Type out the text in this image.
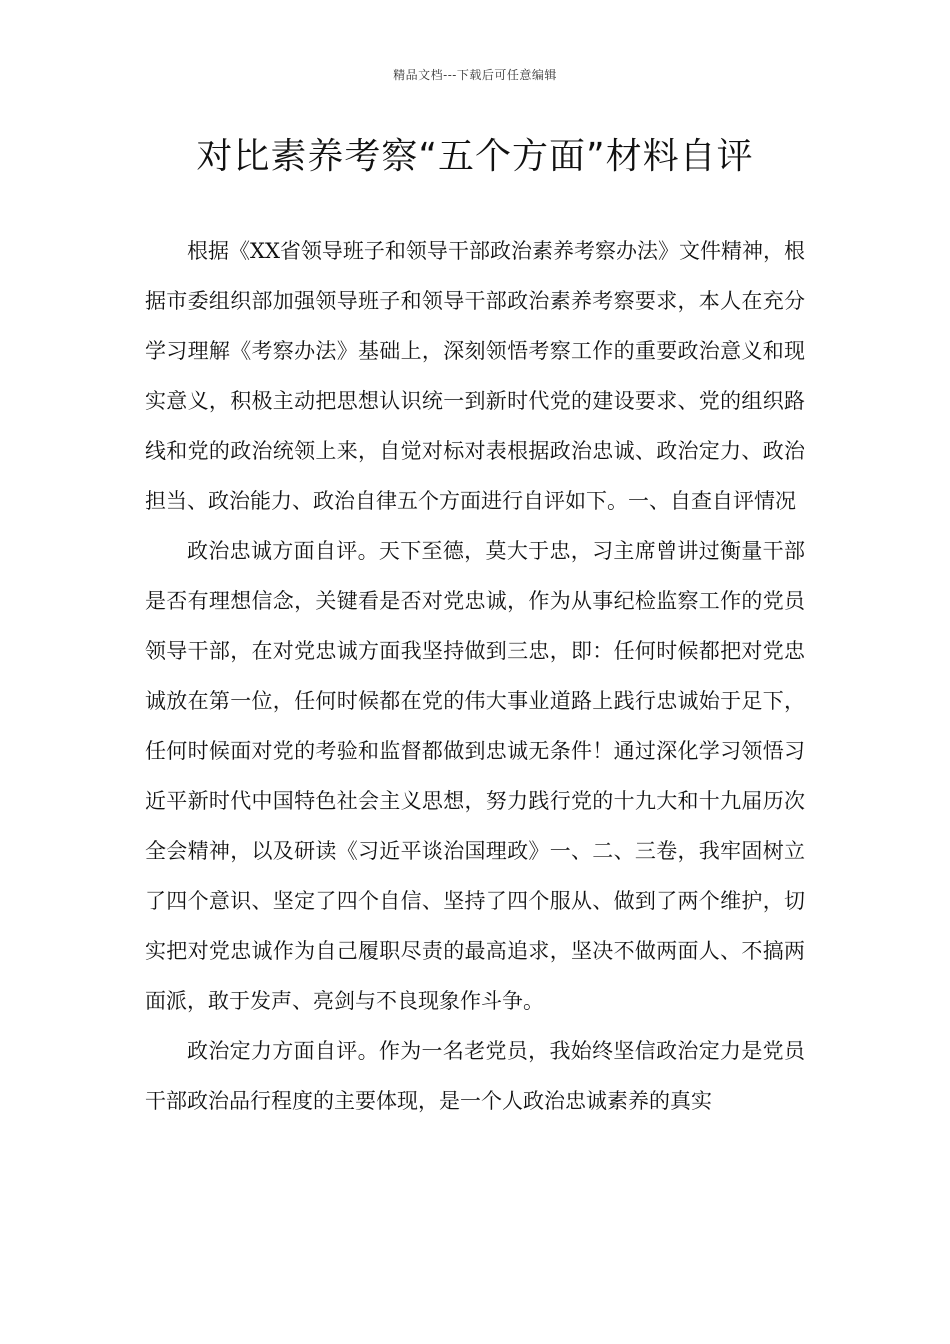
精品文档---下载后可任意编辑
对比素养考察“五个方面”材料自评

根据《XX省领导班子和领导干部政治素养考察办法》文件精神，根据市委组织部加强领导班子和领导干部政治素养考察要求，本人在充分学习理解《考察办法》基础上，深刻领悟考察工作的重要政治意义和现实意义，积极主动把思想认识统一到新时代党的建设要求、党的组织路线和党的政治统领上来，自觉对标对表根据政治忠诚、政治定力、政治担当、政治能力、政治自律五个方面进行自评如下。一、自查自评情况

政治忠诚方面自评。天下至德，莫大于忠，习主席曾讲过衡量干部是否有理想信念，关键看是否对党忠诚，作为从事纪检监察工作的党员领导干部，在对党忠诚方面我坚持做到三忠，即：任何时候都把对党忠诚放在第一位，任何时候都在党的伟大事业道路上践行忠诚始于足下，任何时候面对党的考验和监督都做到忠诚无条件！通过深化学习领悟习近平新时代中国特色社会主义思想，努力践行党的十九大和十九届历次全会精神，以及研读《习近平谈治国理政》一、二、三卷，我牢固树立了四个意识、坚定了四个自信、坚持了四个服从、做到了两个维护，切实把对党忠诚作为自己履职尽责的最高追求，坚决不做两面人、不搞两面派，敢于发声、亮剑与不良现象作斗争。

政治定力方面自评。作为一名老党员，我始终坚信政治定力是党员干部政治品行程度的主要体现，是一个人政治忠诚素养的真实
